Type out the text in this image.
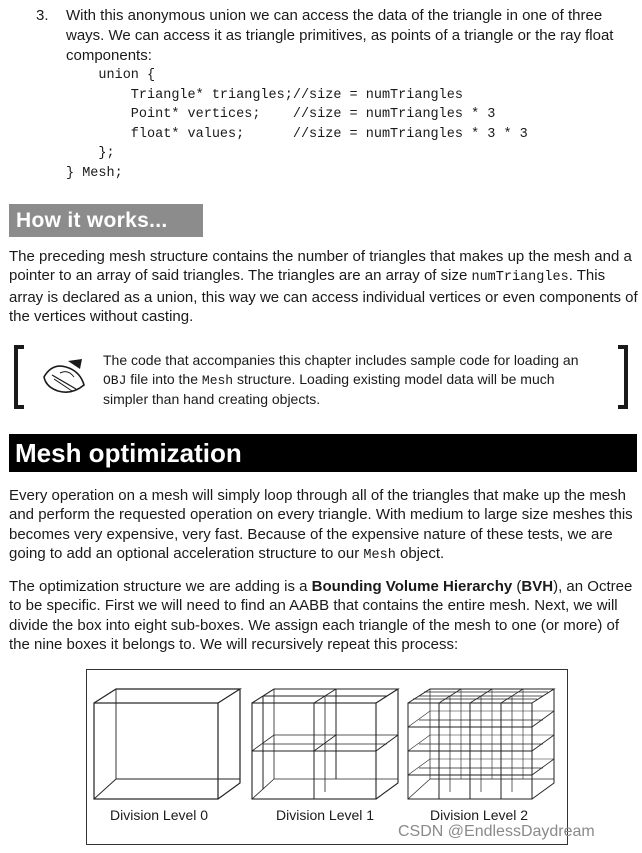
3. With this anonymous union we can access the data of the triangle in one of three ways. We can access it as triangle primitives, as points of a triangle or the ray float components:
union {
Triangle* triangles;//size = numTriangles
Point* vertices;    //size = numTriangles * 3
float* values;      //size = numTriangles * 3 * 3
};
} Mesh;
How it works...

The preceding mesh structure contains the number of triangles that makes up the mesh and a pointer to an array of said triangles. The triangles are an array of size numTriangles. This array is declared as a union, this way we can access individual vertices or even components of the vertices without casting.

The code that accompanies this chapter includes sample code for loading an OBJ file into the Mesh structure. Loading existing model data will be much simpler than hand creating objects.
Mesh optimization

Every operation on a mesh will simply loop through all of the triangles that make up the mesh and perform the requested operation on every triangle. With medium to large size meshes this becomes very expensive, very fast. Because of the expensive nature of these tests, we are going to add an optional acceleration structure to our Mesh object.

The optimization structure we are adding is a Bounding Volume Hierarchy (BVH), an Octree to be specific. First we will need to find an AABB that contains the entire mesh. Next, we will divide the box into eight sub-boxes. We assign each triangle of the mesh to one (or more) of the nine boxes it belongs to. We will recursively repeat this process:

Division Level 0	Division Level 1	Division Level 2
CSDN @EndlessDaydream
